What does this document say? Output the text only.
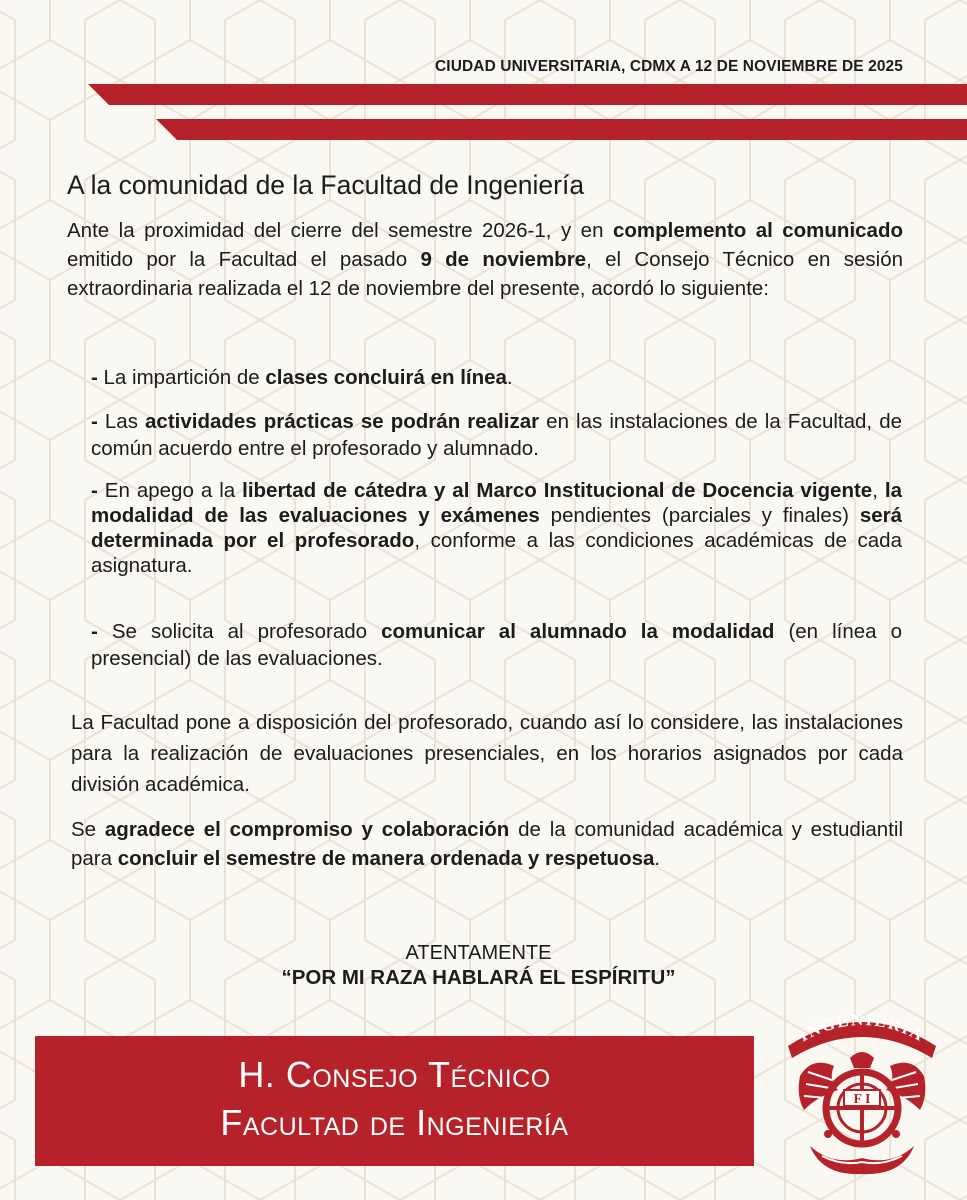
CIUDAD UNIVERSITARIA, CDMX A 12 DE NOVIEMBRE DE 2025
A la comunidad de la Facultad de Ingeniería

Ante la proximidad del cierre del semestre 2026-1, y en complemento al comunicado emitido por la Facultad el pasado 9 de noviembre, el Consejo Técnico en sesión extraordinaria realizada el 12 de noviembre del presente, acordó lo siguiente:

- La impartición de clases concluirá en línea.

- Las actividades prácticas se podrán realizar en las instalaciones de la Facultad, de común acuerdo entre el profesorado y alumnado.

- En apego a la libertad de cátedra y al Marco Institucional de Docencia vigente, la modalidad de las evaluaciones y exámenes pendientes (parciales y finales) será determinada por el profesorado, conforme a las condiciones académicas de cada asignatura.

- Se solicita al profesorado comunicar al alumnado la modalidad (en línea o presencial) de las evaluaciones.

La Facultad pone a disposición del profesorado, cuando así lo considere, las instalaciones para la realización de evaluaciones presenciales, en los horarios asignados por cada división académica.

Se agradece el compromiso y colaboración de la comunidad académica y estudiantil para concluir el semestre de manera ordenada y respetuosa.

ATENTAMENTE
“POR MI RAZA HABLARÁ EL ESPÍRITU”
H. Consejo Técnico
Facultad de Ingeniería
INGENIERIA
F I
